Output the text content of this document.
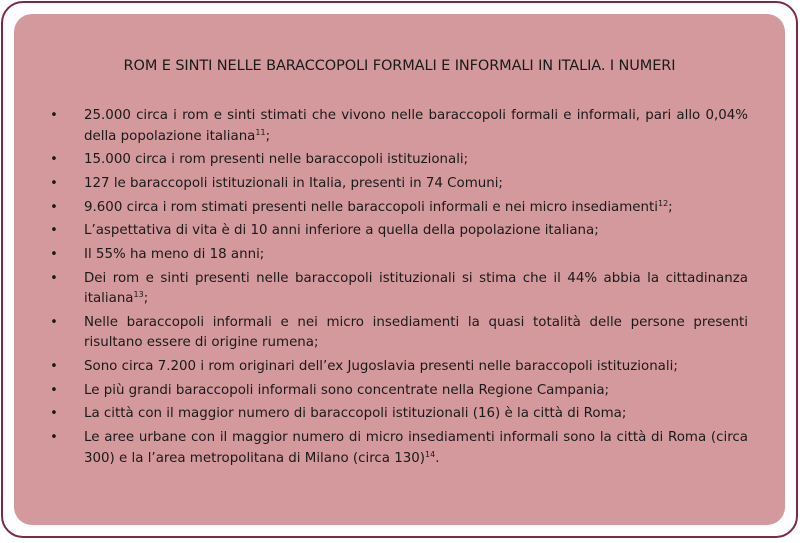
ROM E SINTI NELLE BARACCOPOLI FORMALI E INFORMALI IN ITALIA. I NUMERI
• 25.000 circa i rom e sinti stimati che vivono nelle baraccopoli formali e informali, pari allo 0,04% della popolazione italiana$^{11}$;
• 15.000 circa i rom presenti nelle baraccopoli istituzionali;
• 127 le baraccopoli istituzionali in Italia, presenti in 74 Comuni;
• 9.600 circa i rom stimati presenti nelle baraccopoli informali e nei micro insediamenti$^{12}$;
• L’aspettativa di vita è di 10 anni inferiore a quella della popolazione italiana;
• Il 55% ha meno di 18 anni;
• Dei rom e sinti presenti nelle baraccopoli istituzionali si stima che il 44% abbia la cittadinanza italiana$^{13}$;
• Nelle baraccopoli informali e nei micro insediamenti la quasi totalità delle persone presenti risultano essere di origine rumena;
• Sono circa 7.200 i rom originari dell’ex Jugoslavia presenti nelle baraccopoli istituzionali;
• Le più grandi baraccopoli informali sono concentrate nella Regione Campania;
• La città con il maggior numero di baraccopoli istituzionali (16) è la città di Roma;
• Le aree urbane con il maggior numero di micro insediamenti informali sono la città di Roma (circa 300) e la l’area metropolitana di Milano (circa 130)$^{14}$.
